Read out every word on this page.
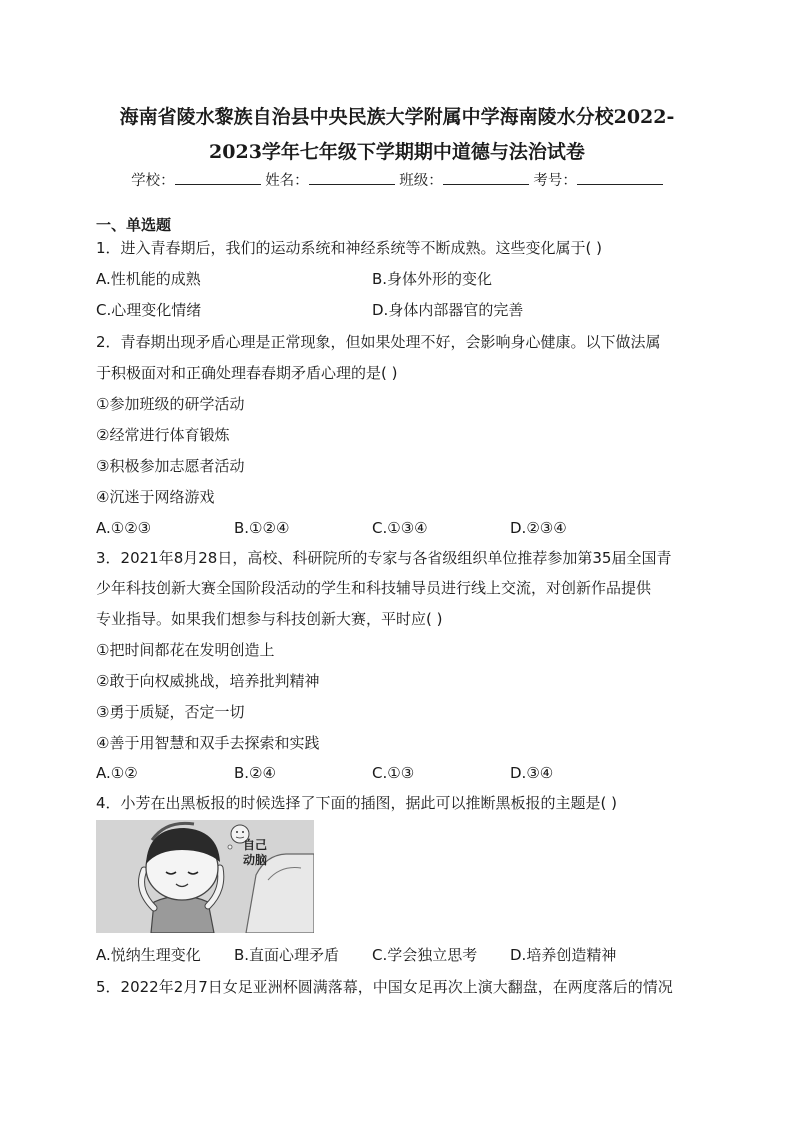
海南省陵水黎族自治县中央民族大学附属中学海南陵水分校2022-
2023学年七年级下学期期中道德与法治试卷
学校：	姓名：	班级：	考号：
一、单选题
1．进入青春期后，我们的运动系统和神经系统等不断成熟。这些变化属于( )
A.性机能的成熟	B.身体外形的变化
C.心理变化情绪	D.身体内部器官的完善
2．青春期出现矛盾心理是正常现象，但如果处理不好，会影响身心健康。以下做法属
于积极面对和正确处理春春期矛盾心理的是( )
①参加班级的研学活动
②经常进行体育锻炼
③积极参加志愿者活动
④沉迷于网络游戏
A.①②③	B.①②④	C.①③④	D.②③④
3．2021年8月28日，高校、科研院所的专家与各省级组织单位推荐参加第35届全国青
少年科技创新大赛全国阶段活动的学生和科技辅导员进行线上交流，对创新作品提供
专业指导。如果我们想参与科技创新大赛，平时应( )
①把时间都花在发明创造上
②敢于向权威挑战，培养批判精神
③勇于质疑，否定一切
④善于用智慧和双手去探索和实践
A.①②	B.②④	C.①③	D.③④
4．小芳在出黑板报的时候选择了下面的插图，据此可以推断黑板报的主题是( )
自己
动脑
A.悦纳生理变化 B.直面心理矛盾 C.学会独立思考 D.培养创造精神
5．2022年2月7日女足亚洲杯圆满落幕，中国女足再次上演大翻盘，在两度落后的情况
